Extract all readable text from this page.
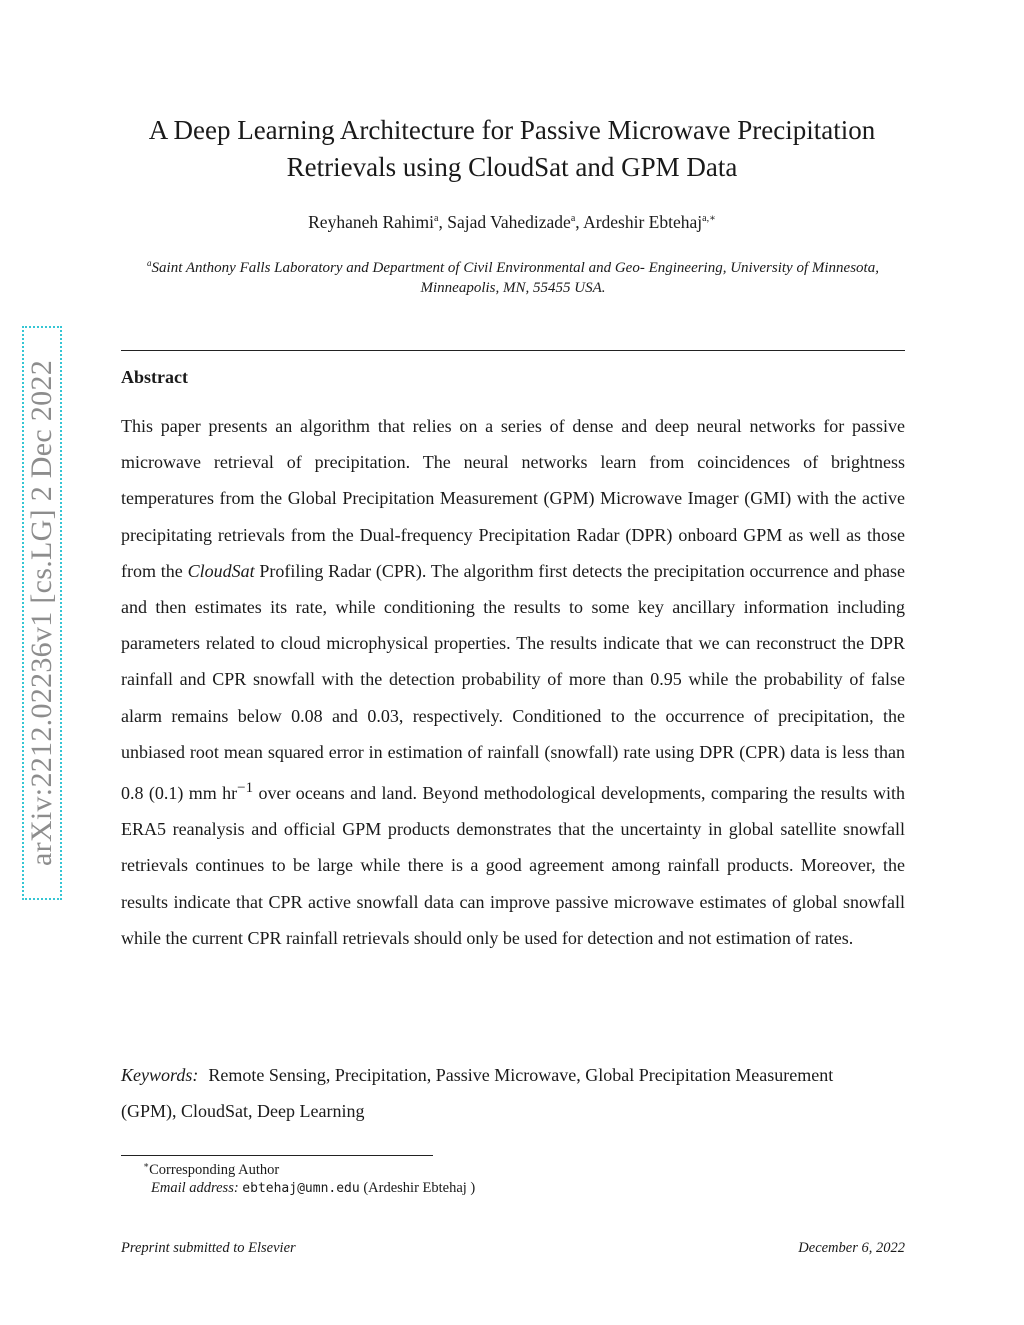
A Deep Learning Architecture for Passive Microwave Precipitation
Retrievals using CloudSat and GPM Data
Reyhaneh Rahimi$^a$, Sajad Vahedizade$^a$, Ardeshir Ebtehaj$^{a,∗}$
$^a$Saint Anthony Falls Laboratory and Department of Civil Environmental and Geo- Engineering, University of Minnesota, Minneapolis, MN, 55455 USA.
Abstract

This paper presents an algorithm that relies on a series of dense and deep neural networks for passive microwave retrieval of precipitation. The neural networks learn from coincidences of brightness temperatures from the Global Precipitation Measurement (GPM) Microwave Imager (GMI) with the active precipitating retrievals from the Dual-frequency Precipitation Radar (DPR) onboard GPM as well as those from the CloudSat Profiling Radar (CPR). The algorithm first detects the precipitation occurrence and phase and then estimates its rate, while conditioning the results to some key ancillary information including parameters related to cloud microphysical properties. The results indicate that we can reconstruct the DPR rainfall and CPR snowfall with the detection probability of more than 0.95 while the probability of false alarm remains below 0.08 and 0.03, respectively. Conditioned to the occurrence of precipitation, the unbiased root mean squared error in estimation of rainfall (snowfall) rate using DPR (CPR) data is less than 0.8 (0.1) mm $hr^{-1}$ over oceans and land. Beyond methodological developments, comparing the results with ERA5 reanalysis and official GPM products demonstrates that the uncertainty in global satellite snowfall retrievals continues to be large while there is a good agreement among rainfall products. Moreover, the results indicate that CPR active snowfall data can improve passive microwave estimates of global snowfall while the current CPR rainfall retrievals should only be used for detection and not estimation of rates.

Keywords: Remote Sensing, Precipitation, Passive Microwave, Global Precipitation Measurement (GPM), CloudSat, Deep Learning
∗Corresponding Author
Email address: ebtehaj@umn.edu (Ardeshir Ebtehaj )
Preprint submitted to Elsevier	December 6, 2022
arXiv:2212.02236v1 [cs.LG] 2 Dec 2022
